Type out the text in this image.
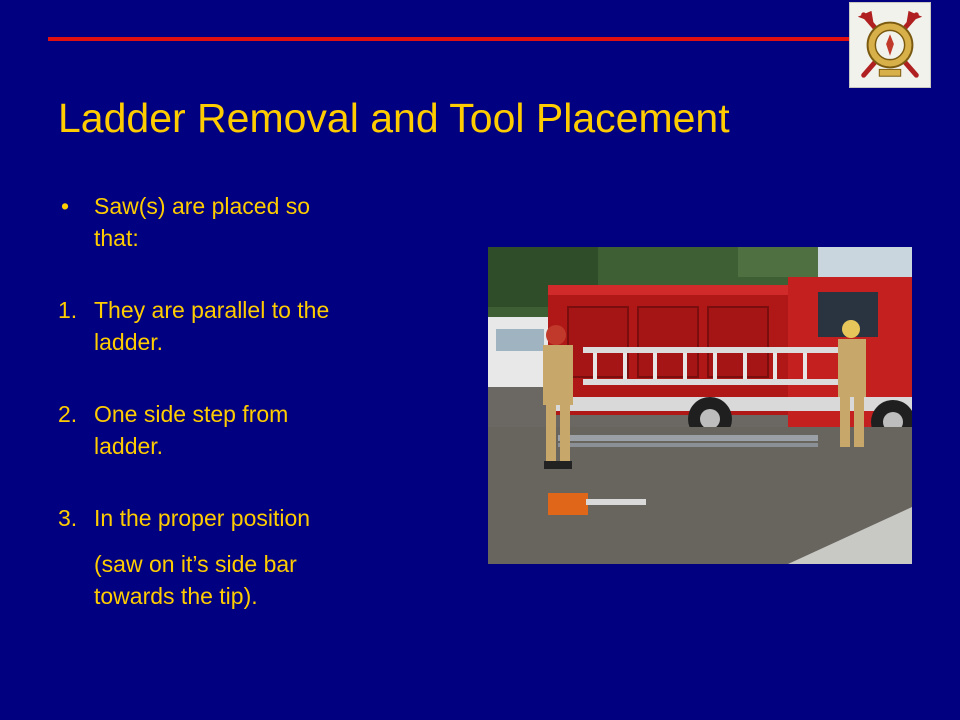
Ladder Removal and Tool Placement
• Saw(s) are placed so
that:
1. They are parallel to the
ladder.
2. One side step from
ladder.
3. In the proper position
(saw on it’s side bar
towards the tip).
